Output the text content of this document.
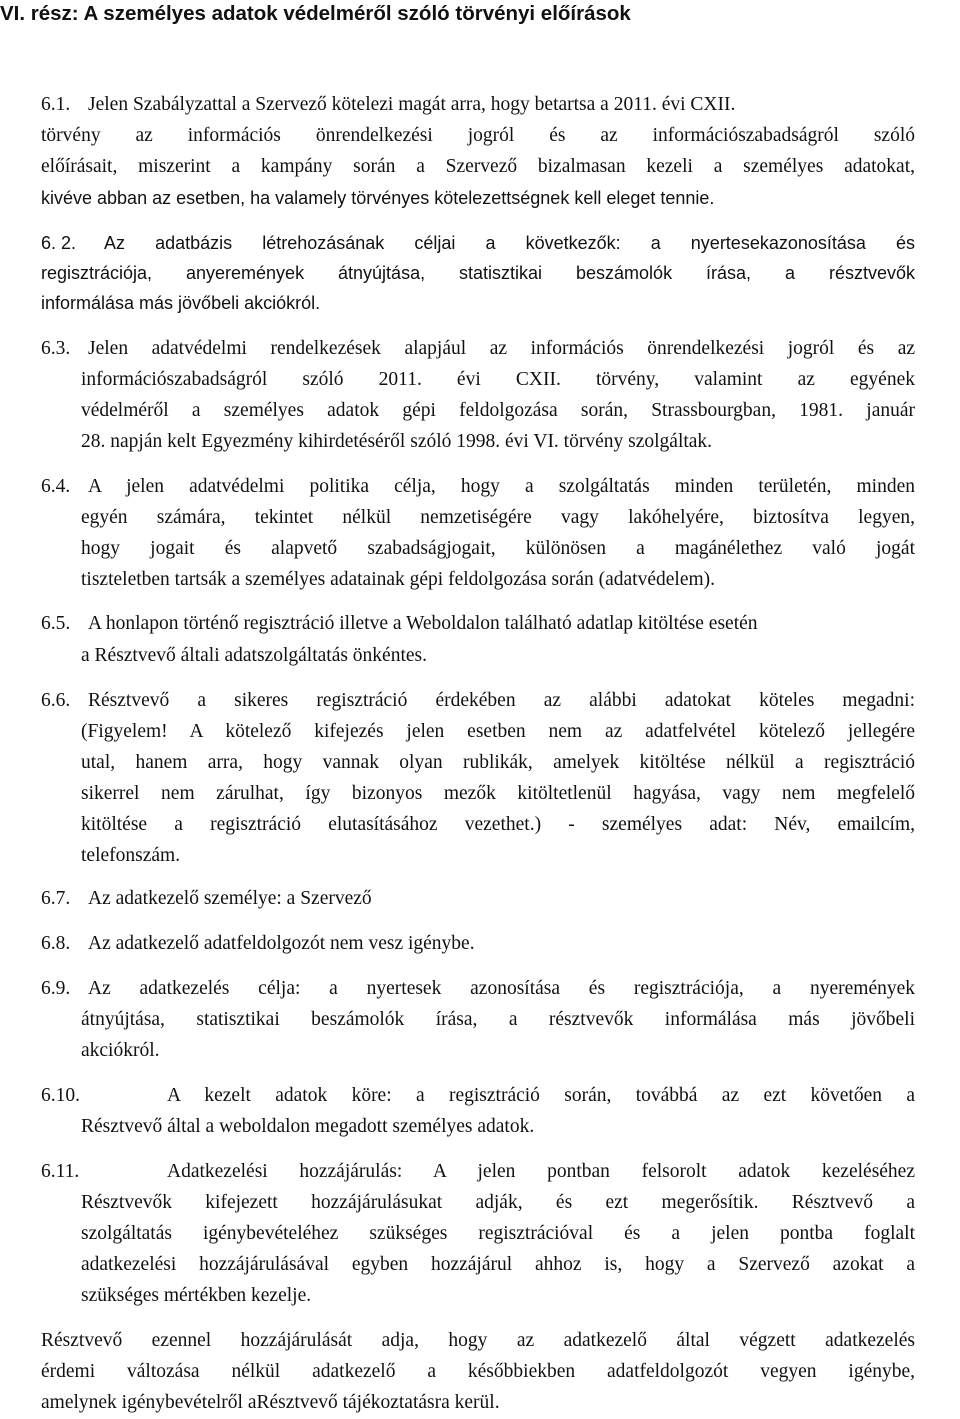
VI. rész: A személyes adatok védelméről szóló törvényi előírások
6.1. Jelen Szabályzattal a Szervező kötelezi magát arra, hogy betartsa a 2011. évi CXII.
törvény az információs önrendelkezési jogról és az információszabadságról szóló
előírásait, miszerint a kampány során a Szervező bizalmasan kezeli a személyes adatokat,
kivéve abban az esetben, ha valamely törvényes kötelezettségnek kell eleget tennie.
6. 2. Az adatbázis létrehozásának céljai a következők: a nyertesekazonosítása és
regisztrációja, anyeremények átnyújtása, statisztikai beszámolók írása, a résztvevők
informálása más jövőbeli akciókról.
6.3. Jelen adatvédelmi rendelkezések alapjául az információs önrendelkezési jogról és az
információszabadságról szóló 2011. évi CXII. törvény, valamint az egyének
védelméről a személyes adatok gépi feldolgozása során, Strassbourgban, 1981. január
28. napján kelt Egyezmény kihirdetéséről szóló 1998. évi VI. törvény szolgáltak.
6.4. A jelen adatvédelmi politika célja, hogy a szolgáltatás minden területén, minden
egyén számára, tekintet nélkül nemzetiségére vagy lakóhelyére, biztosítva legyen,
hogy jogait és alapvető szabadságjogait, különösen a magánélethez való jogát
tiszteletben tartsák a személyes adatainak gépi feldolgozása során (adatvédelem).
6.5. A honlapon történő regisztráció illetve a Weboldalon található adatlap kitöltése esetén
a Résztvevő általi adatszolgáltatás önkéntes.
6.6. Résztvevő a sikeres regisztráció érdekében az alábbi adatokat köteles megadni:
(Figyelem! A kötelező kifejezés jelen esetben nem az adatfelvétel kötelező jellegére
utal, hanem arra, hogy vannak olyan rublikák, amelyek kitöltése nélkül a regisztráció
sikerrel nem zárulhat, így bizonyos mezők kitöltetlenül hagyása, vagy nem megfelelő
kitöltése a regisztráció elutasításához vezethet.) - személyes adat: Név, emailcím,
telefonszám.
6.7. Az adatkezelő személye: a Szervező
6.8. Az adatkezelő adatfeldolgozót nem vesz igénybe.
6.9. Az adatkezelés célja: a nyertesek azonosítása és regisztrációja, a nyeremények
átnyújtása, statisztikai beszámolók írása, a résztvevők informálása más jövőbeli
akciókról.
6.10.	A kezelt adatok köre: a regisztráció során, továbbá az ezt követően a
Résztvevő által a weboldalon megadott személyes adatok.
6.11.	Adatkezelési hozzájárulás: A jelen pontban felsorolt adatok kezeléséhez
Résztvevők kifejezett hozzájárulásukat adják, és ezt megerősítik. Résztvevő a
szolgáltatás igénybevételéhez szükséges regisztrációval és a jelen pontba foglalt
adatkezelési hozzájárulásával egyben hozzájárul ahhoz is, hogy a Szervező azokat a
szükséges mértékben kezelje.
Résztvevő ezennel hozzájárulását adja, hogy az adatkezelő által végzett adatkezelés
érdemi változása nélkül adatkezelő a későbbiekben adatfeldolgozót vegyen igénybe,
amelynek igénybevételről aRésztvevő tájékoztatásra kerül.
